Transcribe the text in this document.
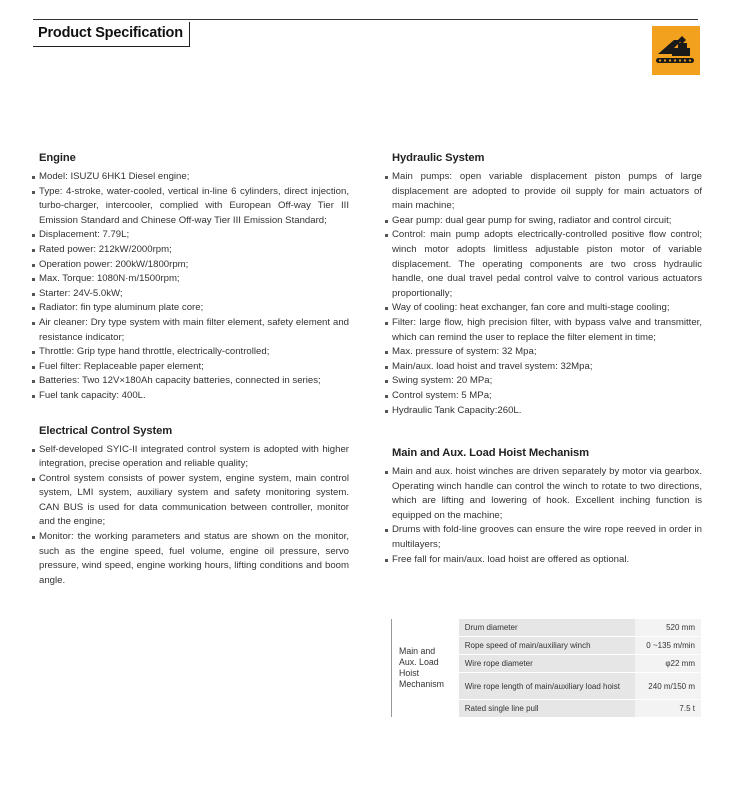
Product Specification
Engine
Model: ISUZU 6HK1 Diesel engine;
Type: 4-stroke, water-cooled, vertical in-line 6 cylinders, direct injection, turbo-charger, intercooler, complied with European Off-way Tier III Emission Standard and Chinese Off-way Tier III Emission Standard;
Displacement: 7.79L;
Rated power: 212kW/2000rpm;
Operation power: 200kW/1800rpm;
Max. Torque: 1080N·m/1500rpm;
Starter: 24V-5.0kW;
Radiator: fin type aluminum plate core;
Air cleaner: Dry type system with main filter element, safety element and resistance indicator;
Throttle: Grip type hand throttle, electrically-controlled;
Fuel filter: Replaceable paper element;
Batteries: Two 12V×180Ah capacity batteries, connected in series;
Fuel tank capacity: 400L.
Electrical Control System
Self-developed SYIC-II integrated control system is adopted with higher integration, precise operation and reliable quality;
Control system consists of power system, engine system, main control system, LMI system, auxiliary system and safety monitoring system. CAN BUS is used for data communication between controller, monitor and the engine;
Monitor: the working parameters and status are shown on the monitor, such as the engine speed, fuel volume, engine oil pressure, servo pressure, wind speed, engine working hours, lifting conditions and boom angle.
Hydraulic System
Main pumps: open variable displacement piston pumps of large displacement are adopted to provide oil supply for main actuators of main machine;
Gear pump: dual gear pump for swing, radiator and control circuit;
Control: main pump adopts electrically-controlled positive flow control; winch motor adopts limitless adjustable piston motor of variable displacement. The operating components are two cross hydraulic handle, one dual travel pedal control valve to control various actuators proportionally;
Way of cooling: heat exchanger, fan core and multi-stage cooling;
Filter: large flow, high precision filter, with bypass valve and transmitter, which can remind the user to replace the filter element in time;
Max. pressure of system: 32 Mpa;
Main/aux. load hoist and travel system: 32Mpa;
Swing system: 20 MPa;
Control system: 5 MPa;
Hydraulic Tank Capacity:260L.
Main and Aux. Load Hoist Mechanism
Main and aux. hoist winches are driven separately by motor via gearbox. Operating winch handle can control the winch to rotate to two directions, which are lifting and lowering of hook. Excellent inching function is equipped on the machine;
Drums with fold-line grooves can ensure the wire rope reeved in order in multilayers;
Free fall for main/aux. load hoist are offered as optional.
Main and Aux. Load Hoist Mechanism	Drum diameter	520 mm
	Rope speed of main/auxiliary winch	0 ~135 m/min
	Wire rope diameter	φ22 mm
	Wire rope length of main/auxiliary load hoist	240 m/150 m
	Rated single line pull	7.5 t
